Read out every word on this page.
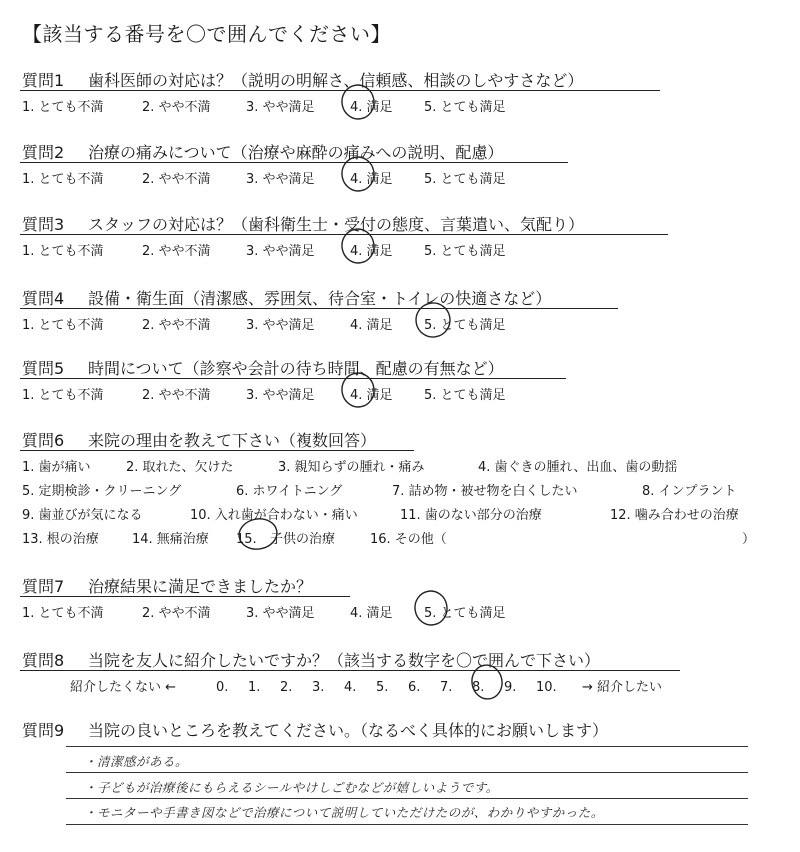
【該当する番号を〇で囲んでください】
質問1 歯科医師の対応は？（説明の明解さ、信頼感、相談のしやすさなど）
1. とても不満	2. やや不満	3. やや満足	4. 満足 5. とても満足
質問2 治療の痛みについて（治療や麻酔の痛みへの説明、配慮）
1. とても不満	2. やや不満	3. やや満足	4. 満足 5. とても満足
質問3 スタッフの対応は？（歯科衛生士・受付の態度、言葉遣い、気配り）
1. とても不満	2. やや不満	3. やや満足	4. 満足 5. とても満足
質問4 設備・衛生面（清潔感、雰囲気、待合室・トイレの快適さなど）
1. とても不満	2. やや不満	3. やや満足	4. 満足 5. とても満足
質問5 時間について（診察や会計の待ち時間、配慮の有無など）
1. とても不満	2. やや不満	3. やや満足	4. 満足 5. とても満足
質問6 来院の理由を教えて下さい（複数回答）
1. 歯が痛い	2. 取れた、欠けた	3. 親知らずの腫れ・痛み	4. 歯ぐきの腫れ、出血、歯の動揺
5. 定期検診・クリーニング	6. ホワイトニング	7. 詰め物・被せ物を白くしたい	8. インプラント
9. 歯並びが気になる	10. 入れ歯が合わない・痛い	11. 歯のない部分の治療	12. 噛み合わせの治療
13. 根の治療	14. 無痛治療 15. 子供の治療	16. その他（	）
質問7 治療結果に満足できましたか？
1. とても不満	2. やや不満	3. やや満足	4. 満足 5. とても満足
質問8 当院を友人に紹介したいですか？（該当する数字を〇で囲んで下さい）
紹介したくない ←	0. 1. 2. 3. 4. 5. 6. 7. 8. 9. 10. → 紹介したい
質問9 当院の良いところを教えてください。（なるべく具体的にお願いします）
・清潔感がある。
・子どもが治療後にもらえるシールやけしごむなどが嬉しいようです。
・モニターや手書き図などで治療について説明していただけたのが、わかりやすかった。
